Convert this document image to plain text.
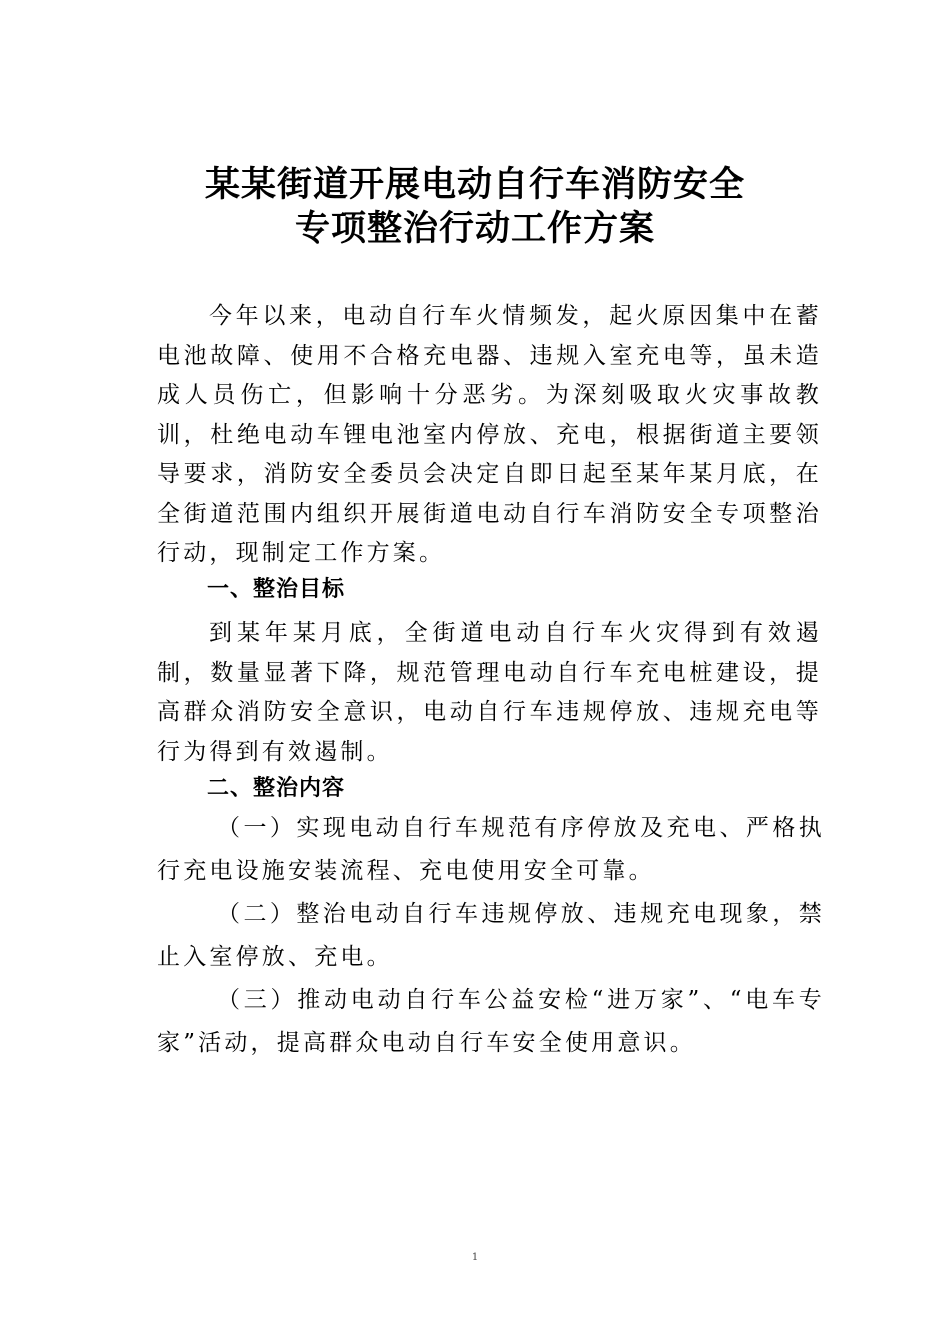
某某街道开展电动自行车消防安全
专项整治行动工作方案

今年以来，电动自行车火情频发，起火原因集中在蓄电池故障、使用不合格充电器、违规入室充电等，虽未造成人员伤亡，但影响十分恶劣。为深刻吸取火灾事故教训，杜绝电动车锂电池室内停放、充电，根据街道主要领导要求，消防安全委员会决定自即日起至某年某月底，在全街道范围内组织开展街道电动自行车消防安全专项整治行动，现制定工作方案。

一、整治目标

到某年某月底，全街道电动自行车火灾得到有效遏制，数量显著下降，规范管理电动自行车充电桩建设，提高群众消防安全意识，电动自行车违规停放、违规充电等行为得到有效遏制。

二、整治内容

（一）实现电动自行车规范有序停放及充电、严格执行充电设施安装流程、充电使用安全可靠。

（二）整治电动自行车违规停放、违规充电现象，禁止入室停放、充电。

（三）推动电动自行车公益安检“进万家”、“电车专家”活动，提高群众电动自行车安全使用意识。

1
